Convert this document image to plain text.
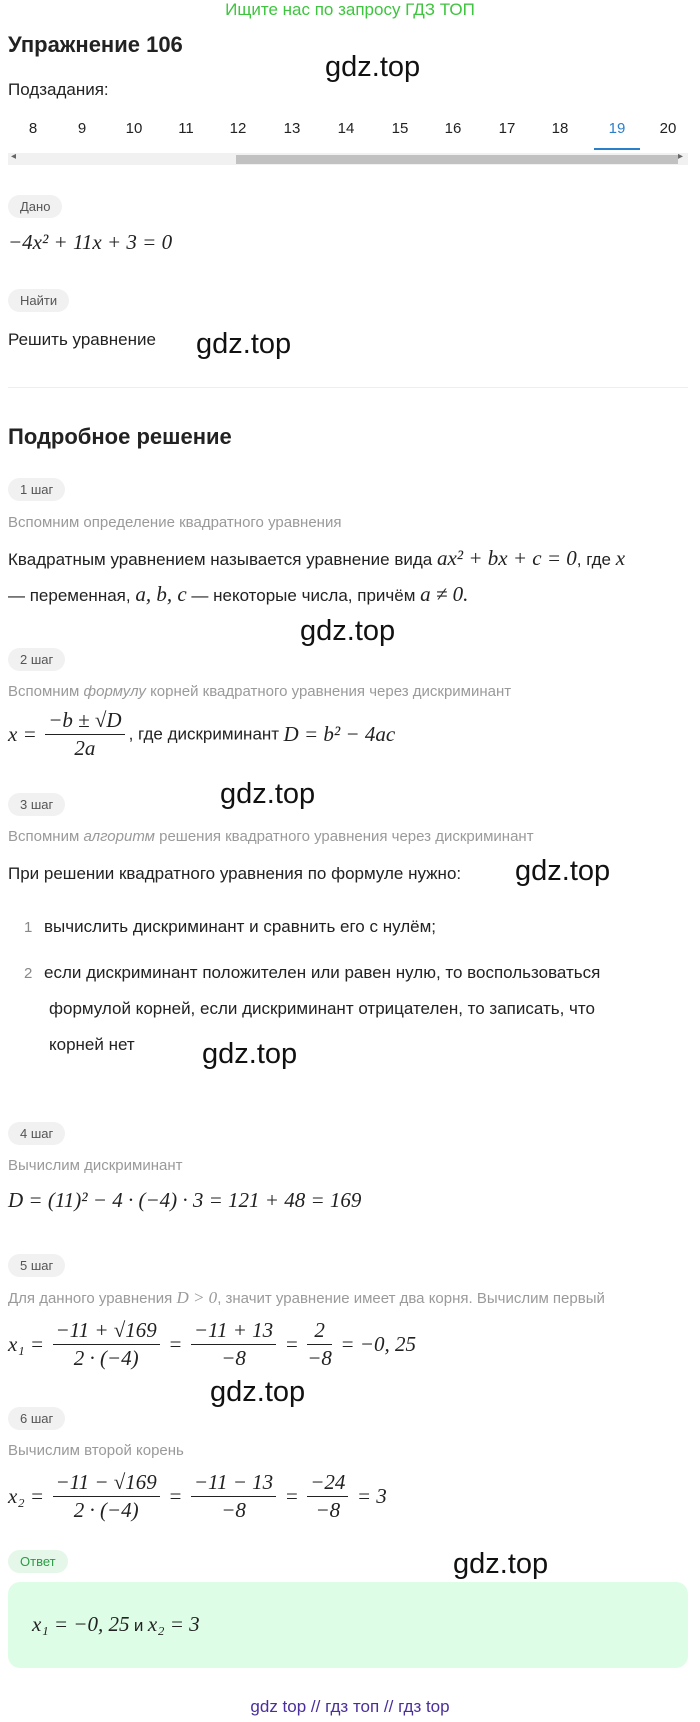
Ищите нас по запросу ГДЗ ТОП
Упражнение 106
Подзадания:
gdz.top
8	9	10	11	12	13	14	15	16	17	18	19	20
◂	▸
Дано
−4x² + 11x + 3 = 0
Найти
Решить уравнение gdz.top
Подробное решение
1 шаг
Вспомним определение квадратного уравнения
Квадратным уравнением называется уравнение вида ax² + bx + c = 0, где x
— переменная, a, b, c — некоторые числа, причём a ≠ 0.
gdz.top
2 шаг
Вспомним формулу корней квадратного уравнения через дискриминант
$x = \frac{-b \pm √D}{2a}$ , где дискриминант D = b² − 4ac
gdz.top
3 шаг
Вспомним алгоритм решения квадратного уравнения через дискриминант
При решении квадратного уравнения по формуле нужно: gdz.top
1 вычислить дискриминант и сравнить его с нулём;
2 если дискриминант положителен или равен нулю, то воспользоваться
формулой корней, если дискриминант отрицателен, то записать, что
корней нет gdz.top
4 шаг
Вычислим дискриминант
D = (11)² − 4 · (−4) · 3 = 121 + 48 = 169
5 шаг
Для данного уравнения D > 0, значит уравнение имеет два корня. Вычислим первый
$x_1 = \frac{-11 + √169}{2 \cdot (-4)} = \frac{-11 + 13}{-8} = \frac{2}{-8} = -0$, 25
gdz.top
6 шаг
Вычислим второй корень
$x_2 = \frac{-11 - √169}{2 \cdot (-4)} = \frac{-11 - 13}{-8} = \frac{-24}{-8} = 3$
Ответ	gdz.top
x₁ = −0, 25 и x₂ = 3
gdz top // гдз топ // гдз top
